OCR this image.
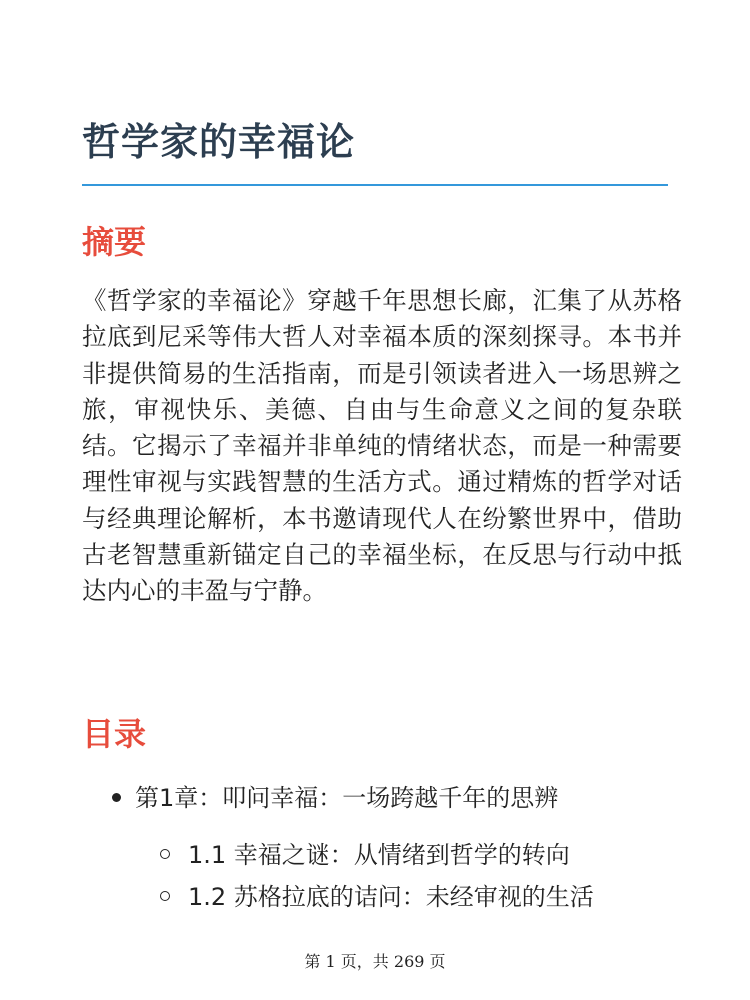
哲学家的幸福论
摘要

《哲学家的幸福论》穿越千年思想长廊，汇集了从苏格拉底到尼采等伟大哲人对幸福本质的深刻探寻。本书并非提供简易的生活指南，而是引领读者进入一场思辨之旅，审视快乐、美德、自由与生命意义之间的复杂联结。它揭示了幸福并非单纯的情绪状态，而是一种需要理性审视与实践智慧的生活方式。通过精炼的哲学对话与经典理论解析，本书邀请现代人在纷繁世界中，借助古老智慧重新锚定自己的幸福坐标，在反思与行动中抵达内心的丰盈与宁静。

目录
第1章：叩问幸福：一场跨越千年的思辨
1.1 幸福之谜：从情绪到哲学的转向
1.2 苏格拉底的诘问：未经审视的生活
第 1 页，共 269 页
